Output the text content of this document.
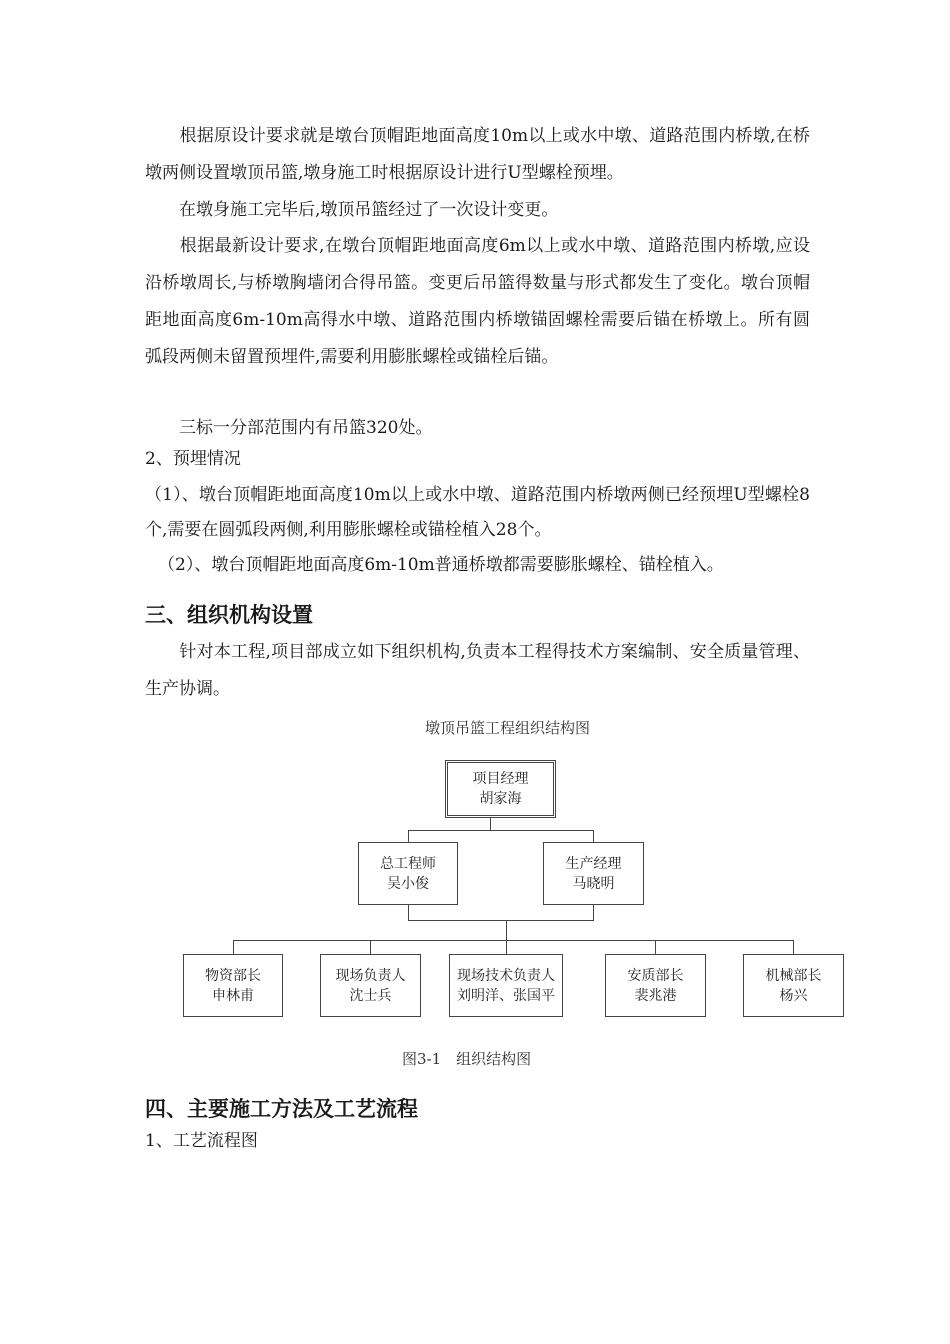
　　根据原设计要求就是墩台顶帽距地面高度10m以上或水中墩、道路范围内桥墩,在桥墩两侧设置墩顶吊篮,墩身施工时根据原设计进行U型螺栓预埋。

　　在墩身施工完毕后,墩顶吊篮经过了一次设计变更。

　　根据最新设计要求,在墩台顶帽距地面高度6m以上或水中墩、道路范围内桥墩,应设沿桥墩周长,与桥墩胸墙闭合得吊篮。变更后吊篮得数量与形式都发生了变化。墩台顶帽距地面高度6m-10m高得水中墩、道路范围内桥墩锚固螺栓需要后锚在桥墩上。所有圆弧段两侧未留置预埋件,需要利用膨胀螺栓或锚栓后锚。

　　三标一分部范围内有吊篮320处。

2、预埋情况

（1）、墩台顶帽距地面高度10m以上或水中墩、道路范围内桥墩两侧已经预埋U型螺栓8个,需要在圆弧段两侧,利用膨胀螺栓或锚栓植入28个。

（2）、墩台顶帽距地面高度6m-10m普通桥墩都需要膨胀螺栓、锚栓植入。

三、组织机构设置

　　针对本工程,项目部成立如下组织机构,负责本工程得技术方案编制、安全质量管理、生产协调。

墩顶吊篮工程组织结构图
项目经理
胡家海
总工程师
吴小俊
生产经理
马晓明
物资部长
申林甫
现场负责人
沈士兵
现场技术负责人
刘明洋、张国平
安质部长
裴兆港
机械部长
杨兴
图3-1　组织结构图
四、主要施工方法及工艺流程

1、工艺流程图
